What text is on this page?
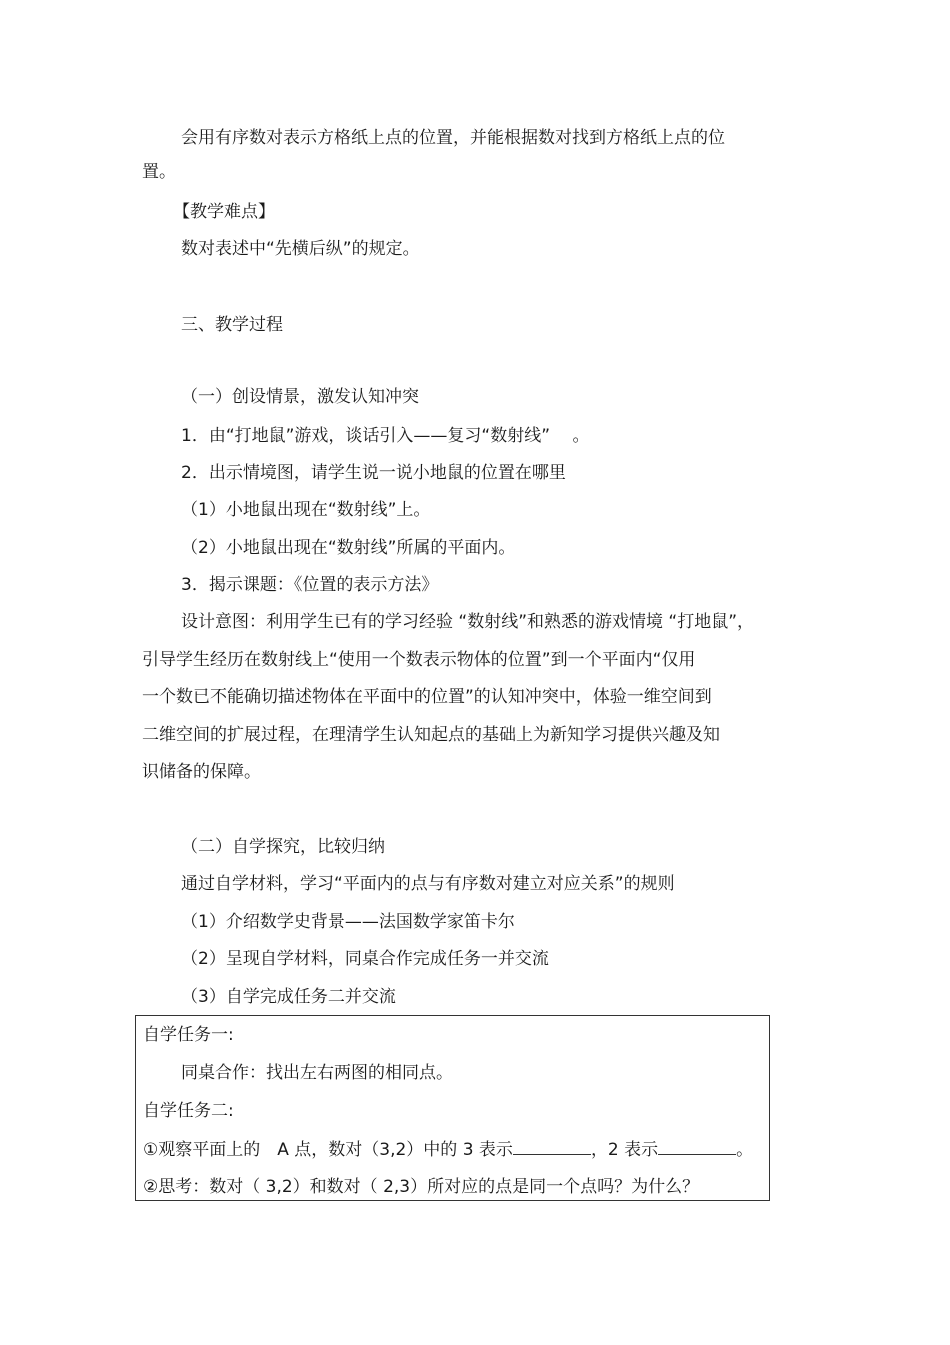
会用有序数对表示方格纸上点的位置，并能根据数对找到方格纸上点的位
置。
【教学难点】
数对表述中“先横后纵”的规定。
三、教学过程
（一）创设情景，激发认知冲突
1．由“打地鼠”游戏，谈话引入——复习“数射线”　 。
2．出示情境图，请学生说一说小地鼠的位置在哪里
（1）小地鼠出现在“数射线”上。
（2）小地鼠出现在“数射线”所属的平面内。
3．揭示课题：《位置的表示方法》
设计意图：利用学生已有的学习经验 “数射线”和熟悉的游戏情境 “打地鼠”，
引导学生经历在数射线上“使用一个数表示物体的位置”到一个平面内“仅用
一个数已不能确切描述物体在平面中的位置”的认知冲突中，体验一维空间到
二维空间的扩展过程，在理清学生认知起点的基础上为新知学习提供兴趣及知
识储备的保障。
（二）自学探究，比较归纳
通过自学材料，学习“平面内的点与有序数对建立对应关系”的规则
（1）介绍数学史背景——法国数学家笛卡尔
（2）呈现自学材料，同桌合作完成任务一并交流
（3）自学完成任务二并交流
自学任务一:
同桌合作：找出左右两图的相同点。
自学任务二:
①观察平面上的　A 点，数对（3,2）中的 3 表示	，2 表示	。
②思考：数对（ 3,2）和数对（ 2,3）所对应的点是同一个点吗？为什么？
